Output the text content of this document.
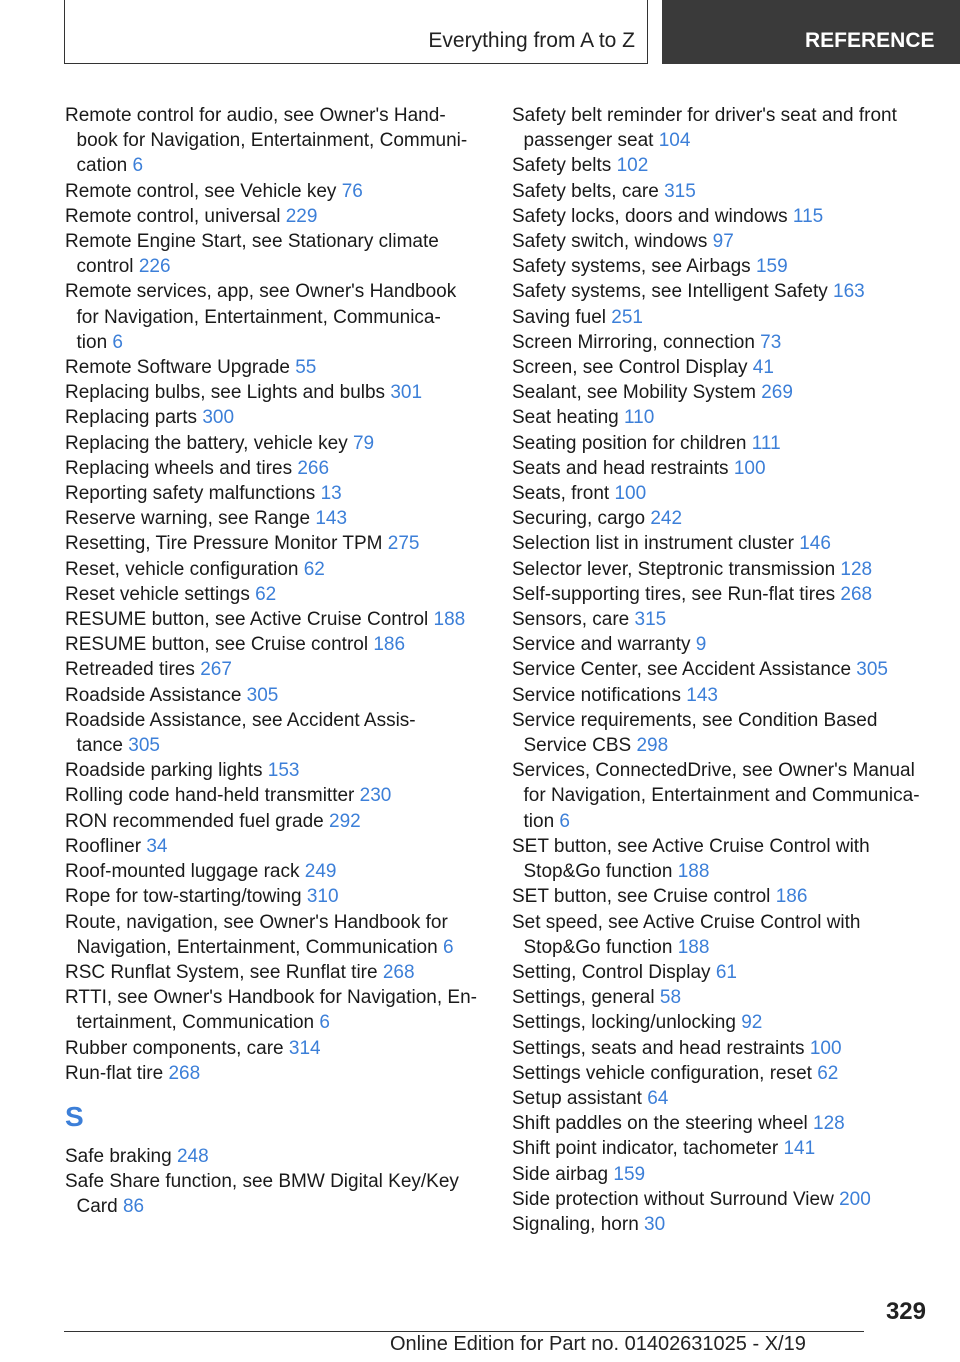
Everything from A to Z	REFERENCE
Remote control for audio, see Owner's Hand‐
book for Navigation, Entertainment, Communi‐
cation 6
Remote control, see Vehicle key 76
Remote control, universal 229
Remote Engine Start, see Stationary climate
control 226
Remote services, app, see Owner's Handbook
for Navigation, Entertainment, Communica‐
tion 6
Remote Software Upgrade 55
Replacing bulbs, see Lights and bulbs 301
Replacing parts 300
Replacing the battery, vehicle key 79
Replacing wheels and tires 266
Reporting safety malfunctions 13
Reserve warning, see Range 143
Resetting, Tire Pressure Monitor TPM 275
Reset, vehicle configuration 62
Reset vehicle settings 62
RESUME button, see Active Cruise Control 188
RESUME button, see Cruise control 186
Retreaded tires 267
Roadside Assistance 305
Roadside Assistance, see Accident Assis‐
tance 305
Roadside parking lights 153
Rolling code hand-held transmitter 230
RON recommended fuel grade 292
Roofliner 34
Roof-mounted luggage rack 249
Rope for tow-starting/towing 310
Route, navigation, see Owner's Handbook for
Navigation, Entertainment, Communication 6
RSC Runflat System, see Runflat tire 268
RTTI, see Owner's Handbook for Navigation, En‐
tertainment, Communication 6
Rubber components, care 314
Run-flat tire 268
S
Safe braking 248
Safe Share function, see BMW Digital Key/Key
Card 86
Safety belt reminder for driver's seat and front
passenger seat 104
Safety belts 102
Safety belts, care 315
Safety locks, doors and windows 115
Safety switch, windows 97
Safety systems, see Airbags 159
Safety systems, see Intelligent Safety 163
Saving fuel 251
Screen Mirroring, connection 73
Screen, see Control Display 41
Sealant, see Mobility System 269
Seat heating 110
Seating position for children 111
Seats and head restraints 100
Seats, front 100
Securing, cargo 242
Selection list in instrument cluster 146
Selector lever, Steptronic transmission 128
Self-supporting tires, see Run-flat tires 268
Sensors, care 315
Service and warranty 9
Service Center, see Accident Assistance 305
Service notifications 143
Service requirements, see Condition Based
Service CBS 298
Services, ConnectedDrive, see Owner's Manual
for Navigation, Entertainment and Communica‐
tion 6
SET button, see Active Cruise Control with
Stop&Go function 188
SET button, see Cruise control 186
Set speed, see Active Cruise Control with
Stop&Go function 188
Setting, Control Display 61
Settings, general 58
Settings, locking/unlocking 92
Settings, seats and head restraints 100
Settings vehicle configuration, reset 62
Setup assistant 64
Shift paddles on the steering wheel 128
Shift point indicator, tachometer 141
Side airbag 159
Side protection without Surround View 200
Signaling, horn 30
329
Online Edition for Part no. 01402631025 - X/19
